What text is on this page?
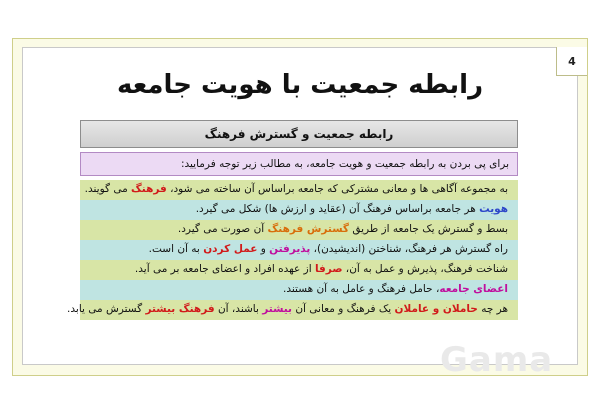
4
رابطه جمعیت با هویت جامعه
رابطه جمعیت و گسترش فرهنگ
برای پی بردن به رابطه جمعیت و هویت جامعه، به مطالب زیر توجه فرمایید:
به مجموعه آگاهی ها و معانی مشترکی که جامعه براساس آن ساخته می شود، فرهنگ می گویند.
هویت هر جامعه براساس فرهنگ آن (عقاید و ارزش ها) شکل می گیرد.
بسط و گسترش یک جامعه از طریق گسترش فرهنگ آن صورت می گیرد.
راه گسترش هر فرهنگ، شناختن (اندیشیدن)، پذیرفتن و عمل کردن به آن است.
شناخت فرهنگ، پذیرش و عمل به آن، صرفا از عهده افراد و اعضای جامعه بر می آید.
اعضای جامعه، حامل فرهنگ و عامل به آن هستند.
هر چه حاملان و عاملان یک فرهنگ و معانی آن بیشتر باشند، آن فرهنگ بیشتر گسترش می یابد.
Gama
